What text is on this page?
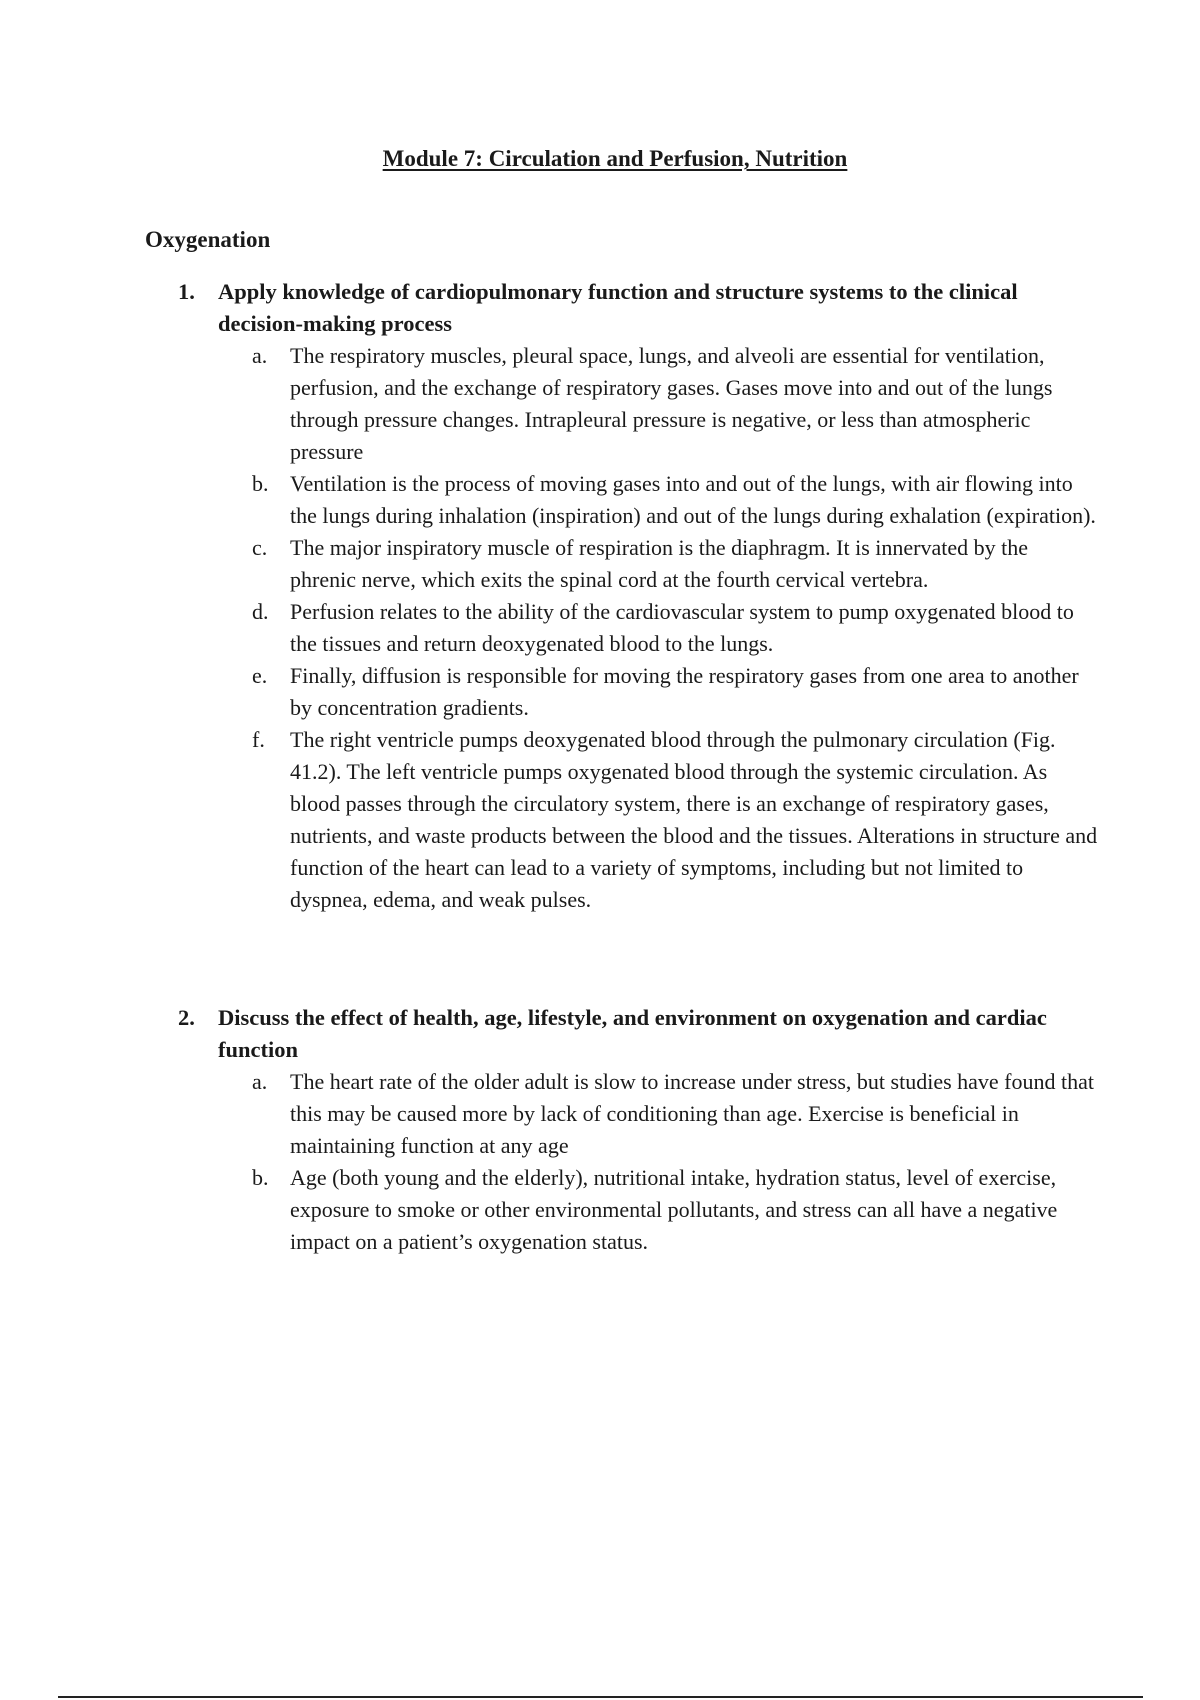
Module 7: Circulation and Perfusion, Nutrition
Oxygenation
1.	Apply knowledge of cardiopulmonary function and structure systems to the clinical decision-making process
a.	The respiratory muscles, pleural space, lungs, and alveoli are essential for ventilation, perfusion, and the exchange of respiratory gases. Gases move into and out of the lungs through pressure changes. Intrapleural pressure is negative, or less than atmospheric pressure
b. Ventilation is the process of moving gases into and out of the lungs, with air flowing into the lungs during inhalation (inspiration) and out of the lungs during exhalation (expiration).
c.	The major inspiratory muscle of respiration is the diaphragm. It is innervated by the phrenic nerve, which exits the spinal cord at the fourth cervical vertebra.
d. Perfusion relates to the ability of the cardiovascular system to pump oxygenated blood to the tissues and return deoxygenated blood to the lungs.
e.	Finally, diffusion is responsible for moving the respiratory gases from one area to another by concentration gradients.
f.	The right ventricle pumps deoxygenated blood through the pulmonary circulation (Fig. 41.2). The left ventricle pumps oxygenated blood through the systemic circulation. As blood passes through the circulatory system, there is an exchange of respiratory gases, nutrients, and waste products between the blood and the tissues. Alterations in structure and function of the heart can lead to a variety of symptoms, including but not limited to dyspnea, edema, and weak pulses.
2.	Discuss the effect of health, age, lifestyle, and environment on oxygenation and cardiac function
a.	The heart rate of the older adult is slow to increase under stress, but studies have found that this may be caused more by lack of conditioning than age. Exercise is beneficial in maintaining function at any age
b. Age (both young and the elderly), nutritional intake, hydration status, level of exercise, exposure to smoke or other environmental pollutants, and stress can all have a negative impact on a patient’s oxygenation status.
